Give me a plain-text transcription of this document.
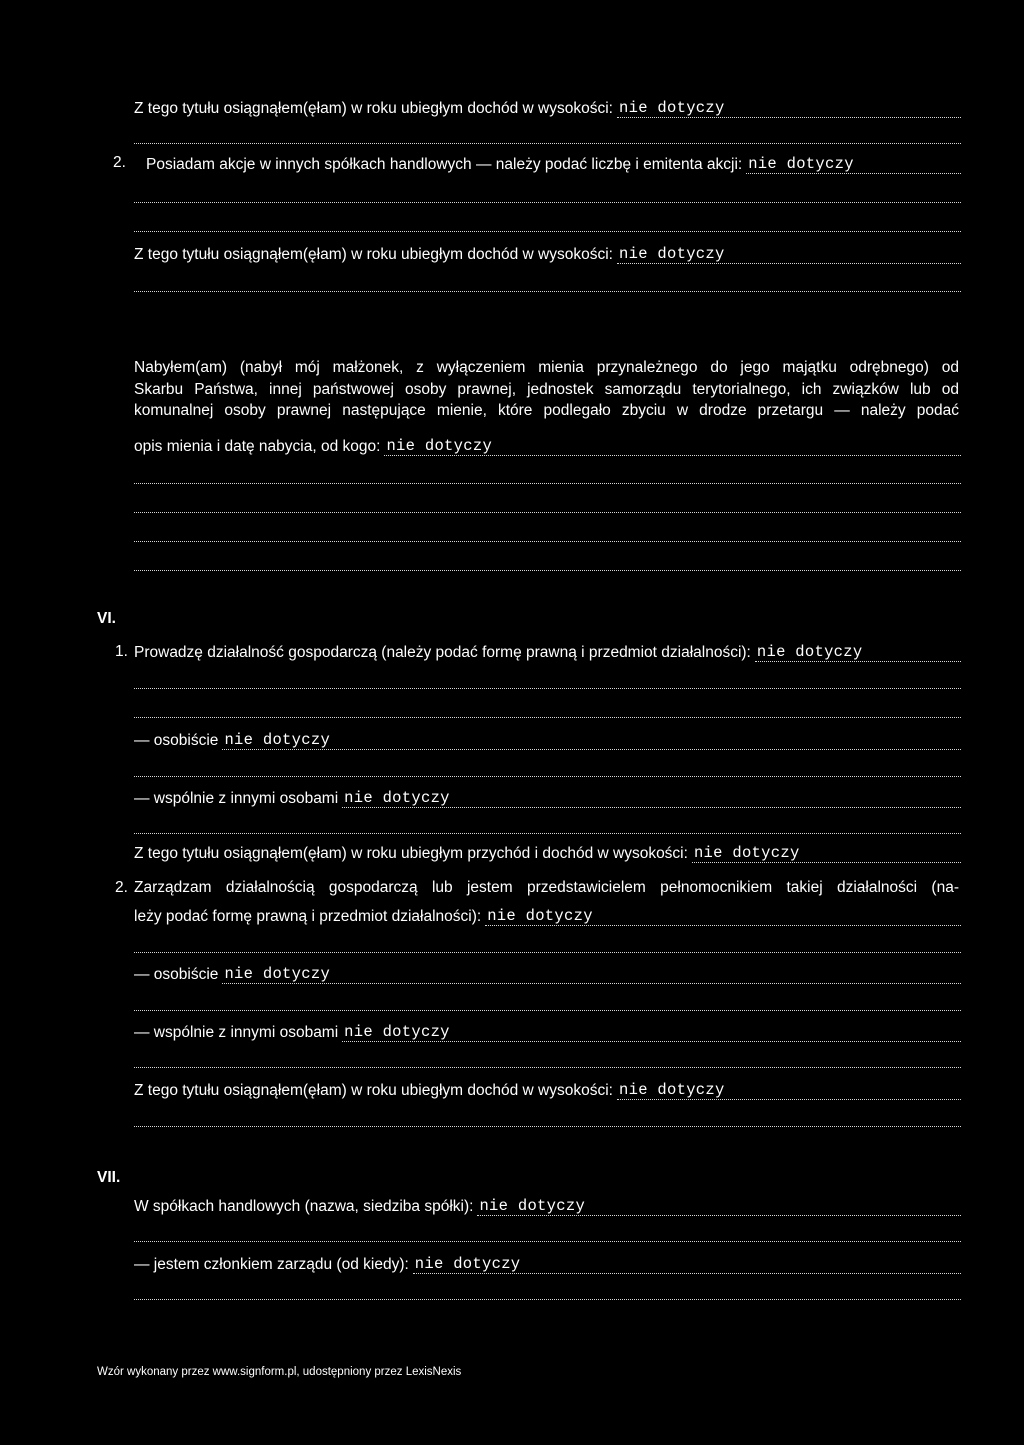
Z tego tytułu osiągnąłem(ęłam) w roku ubiegłym dochód w wysokości: nie dotyczy
2.	Posiadam akcje w innych spółkach handlowych — należy podać liczbę i emitenta akcji: nie dotyczy
Z tego tytułu osiągnąłem(ęłam) w roku ubiegłym dochód w wysokości: nie dotyczy
Nabyłem(am) (nabył mój małżonek, z wyłączeniem mienia przynależnego do jego majątku odrębnego) od
Skarbu Państwa, innej państwowej osoby prawnej, jednostek samorządu terytorialnego, ich związków lub od
komunalnej osoby prawnej następujące mienie, które podlegało zbyciu w drodze przetargu — należy podać
opis mienia i datę nabycia, od kogo: nie dotyczy
VI.
1. Prowadzę działalność gospodarczą (należy podać formę prawną i przedmiot działalności): nie dotyczy
— osobiście nie dotyczy
— wspólnie z innymi osobami nie dotyczy
Z tego tytułu osiągnąłem(ęłam) w roku ubiegłym przychód i dochód w wysokości: nie dotyczy
2. Zarządzam działalnością gospodarczą lub jestem przedstawicielem pełnomocnikiem takiej działalności (na-
leży podać formę prawną i przedmiot działalności): nie dotyczy
— osobiście nie dotyczy
— wspólnie z innymi osobami nie dotyczy
Z tego tytułu osiągnąłem(ęłam) w roku ubiegłym dochód w wysokości: nie dotyczy
VII.
W spółkach handlowych (nazwa, siedziba spółki): nie dotyczy
— jestem członkiem zarządu (od kiedy): nie dotyczy
Wzór wykonany przez www.signform.pl, udostępniony przez LexisNexis
